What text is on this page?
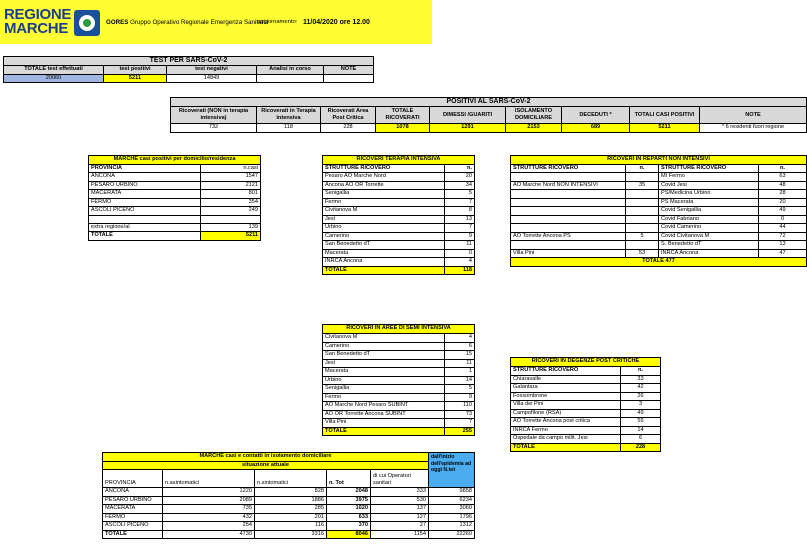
REGIONE
MARCHE	GORES Gruppo Operativo Regionale Emergenza Sanitaria
aggiornamento: 11/04/2020 ore 12.00
TEST PER SARS-CoV-2				
TOTALE test effettuati	test positivi	test negativi	Analisi in corso	NOTE
20060	5211	14849		
POSITIVI AL SARS-CoV-2								
Ricoverati (NON in terapia intensiva)	Ricoverati in Terapia intensiva	Ricoverati Area Post Critica	TOTALE RICOVERATI	DIMESSI /GUARITI	ISOLAMENTO DOMICILIARE	DECEDUTI *	TOTALI CASI POSITIVI	NOTE
732	118	228	1078	1291	2153	689	5211	* 6 residenti fuori regione
MARCHE casi positivi per domicilio/residenza	
PROVINCIA	n.casi
ANCONA	1547
PESARO URBINO	2121
MACERATA	801
FERMO	354
ASCOLI PICENO	249

extra regione/al	139
TOTALE	5211
RICOVERI TERAPIA INTENSIVA	
STRUTTURE RICOVERO	n.
Pesaro AO Marche Nord	20
Ancona AO OR Torrette	34
Senigallia	5
Fermo	7
Civitanova M	8
Jesi	13
Urbino	7
Camerino	9
San Benedetto dT	11
Macerata	0
INRCA Ancona	4
TOTALE	118
RICOVERI IN AREE DI SEMI INTENSIVA	
Civitanova M	4
Camerino	6
San Benedetto dT	15
Jesi	11
Macerata	1
Urbino	14
Senigallia	5
Fermo	9
AO Marche Nord Pesaro SUBINT	110
AO OR Torrette Ancona SUBINT	73
Villa Pini	7
TOTALE	255
RICOVERI IN REPARTI NON INTENSIVI			
STRUTTURE RICOVERO	n.	STRUTTURE RICOVERO	n.
		MI Fermo	63
AO Marche Nord NON INTENSIVI	35	Covid Jesi	48
		PS/Medicina Urbino	28
		PS Macerata	20
		Covid Senigallia	49
		Covid Fabriano	0
		Covid Camerino	44
AO Torrette Ancona PS	5	Covid Civitanova M	72
		S. Benedetto dT	13
Villa Pini	53	INRCA Ancona	47
TOTALE 477			
RICOVERI IN DEGENZE POST CRITICHE	
STRUTTURE RICOVERO	n.
Chiaravalle	33
Galantara	42
Fossombrone	26
Villa dei Pini	3
Campofilone (RSA)	49
AO Torrette Ancona post critica	55
INRCA Fermo	14
Ospedale da campo milit. Jesi	6
TOTALE	228
MARCHE casi e contatti in isolamento domiciliare					dall'inizio dell'epidemia ad oggi N.tot
situazione attuale					
PROVINCIA	n.asintomatici	n.sintomatici	n. Tot	di cui Operatori sanitari	
ANCONA	1220	828	2048	333	9858
PESARO URBINO	2089	1886	3975	530	6234
MACERATA	735	285	1020	137	3060
FERMO	432	201	633	127	1796
ASCOLI PICENO	254	116	370	27	1312
TOTALE	4730	3316	8046	1154	22260
